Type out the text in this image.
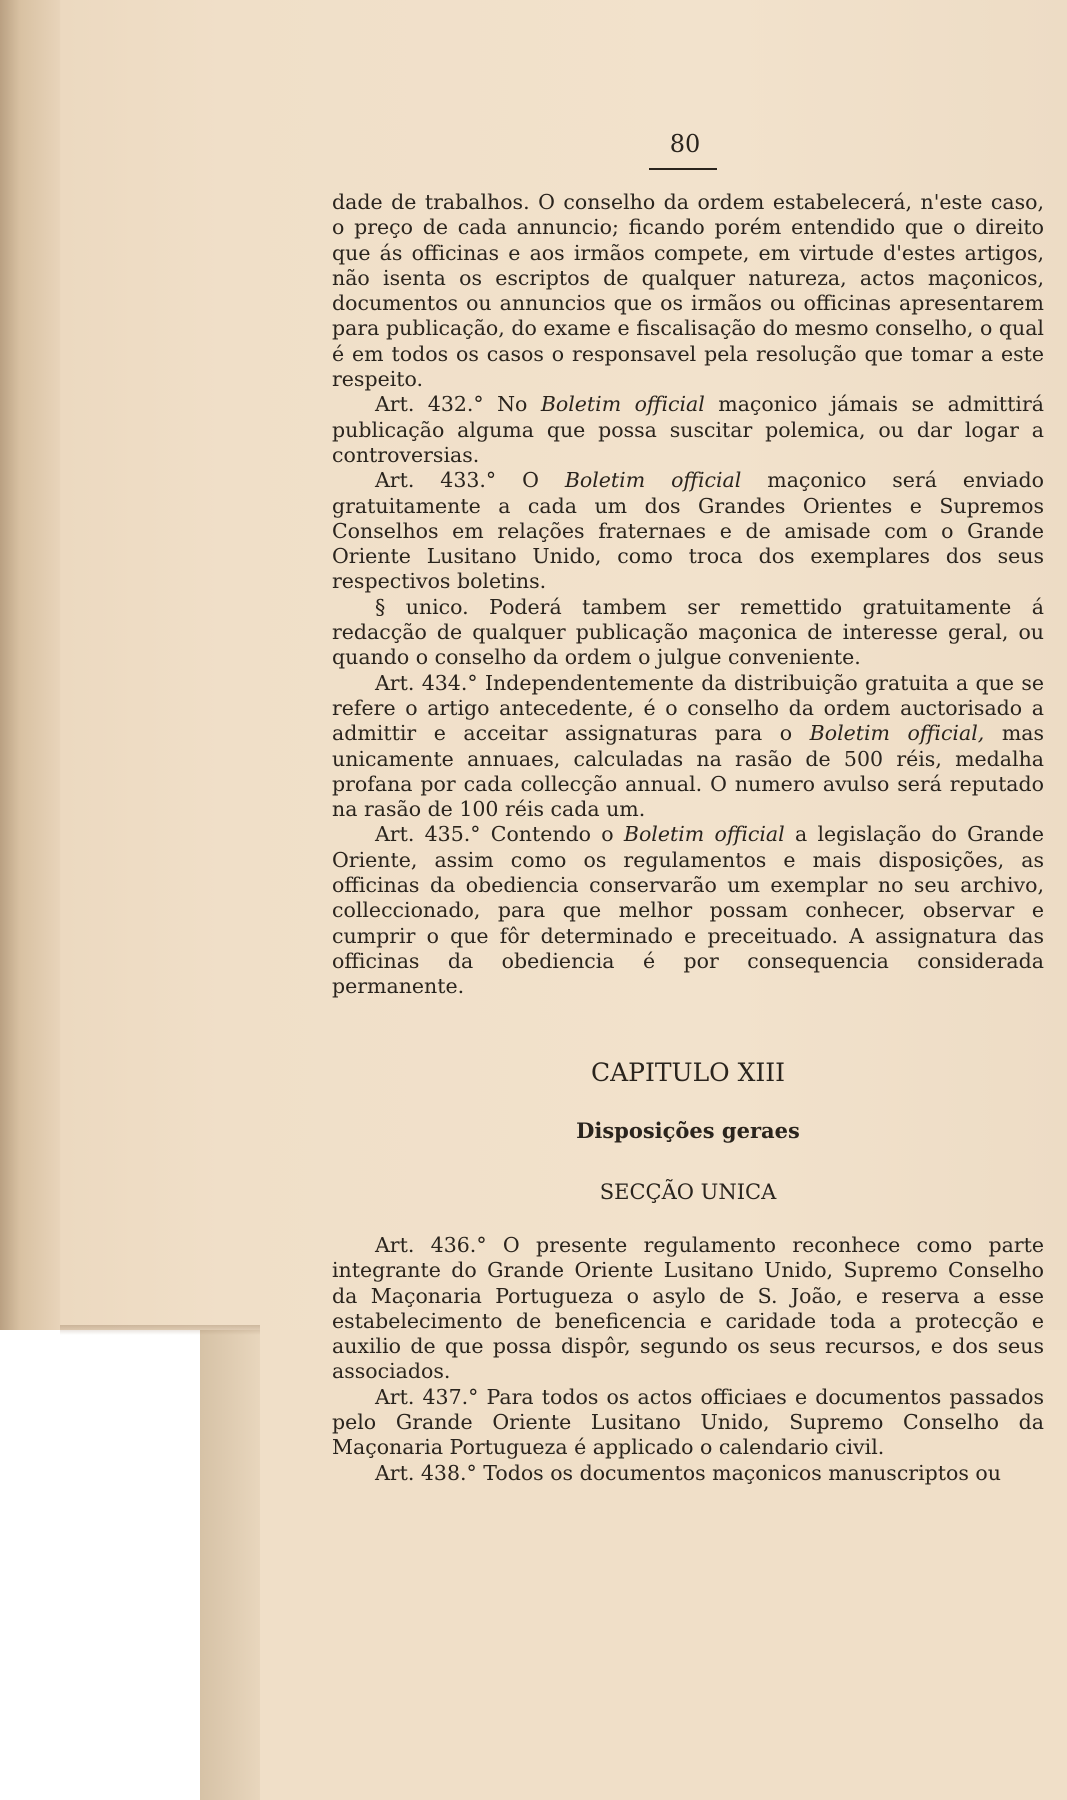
80

dade de trabalhos. O conselho da ordem estabelecerá, n'este caso, o preço de cada annuncio; ficando porém entendido que o direito que ás officinas e aos irmãos compete, em virtude d'estes artigos, não isenta os escriptos de qualquer natureza, actos maçonicos, documentos ou annuncios que os irmãos ou officinas apresentarem para publicação, do exame e fiscalisação do mesmo conselho, o qual é em todos os casos o responsavel pela resolução que tomar a este respeito.

Art. 432.° No Boletim official maçonico jámais se admittirá publicação alguma que possa suscitar polemica, ou dar logar a controversias.

Art. 433.° O Boletim official maçonico será enviado gratuitamente a cada um dos Grandes Orientes e Supremos Conselhos em relações fraternaes e de amisade com o Grande Oriente Lusitano Unido, como troca dos exemplares dos seus respectivos boletins.

§ unico. Poderá tambem ser remettido gratuitamente á redacção de qualquer publicação maçonica de interesse geral, ou quando o conselho da ordem o julgue conveniente.

Art. 434.° Independentemente da distribuição gratuita a que se refere o artigo antecedente, é o conselho da ordem auctorisado a admittir e acceitar assignaturas para o Boletim official, mas unicamente annuaes, calculadas na rasão de 500 réis, medalha profana por cada collecção annual. O numero avulso será reputado na rasão de 100 réis cada um.

Art. 435.° Contendo o Boletim official a legislação do Grande Oriente, assim como os regulamentos e mais disposições, as officinas da obediencia conservarão um exemplar no seu archivo, colleccionado, para que melhor possam conhecer, observar e cumprir o que fôr determinado e preceituado. A assignatura das officinas da obediencia é por consequencia considerada permanente.

CAPITULO XIII
Disposições geraes
SECÇÃO UNICA

Art. 436.° O presente regulamento reconhece como parte integrante do Grande Oriente Lusitano Unido, Supremo Conselho da Maçonaria Portugueza o asylo de S. João, e reserva a esse estabelecimento de beneficencia e caridade toda a protecção e auxilio de que possa dispôr, segundo os seus recursos, e dos seus associados.

Art. 437.° Para todos os actos officiaes e documentos passados pelo Grande Oriente Lusitano Unido, Supremo Conselho da Maçonaria Portugueza é applicado o calendario civil.

Art. 438.° Todos os documentos maçonicos manuscriptos ou
